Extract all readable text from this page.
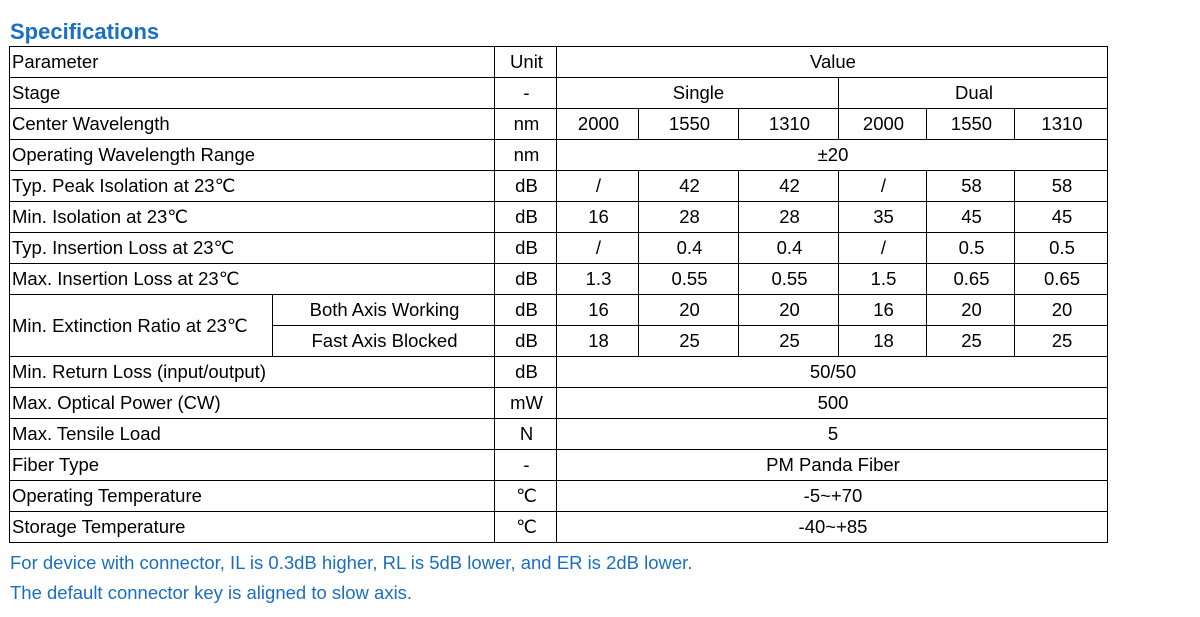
Specifications
Parameter		Unit	Value					
Stage		-	Single			Dual		
Center Wavelength		nm	2000	1550	1310	2000	1550	1310
Operating Wavelength Range		nm	±20					
Typ. Peak Isolation at 23℃		dB	/	42	42	/	58	58
Min. Isolation at 23℃		dB	16	28	28	35	45	45
Typ. Insertion Loss at 23℃		dB	/	0.4	0.4	/	0.5	0.5
Max. Insertion Loss at 23℃		dB	1.3	0.55	0.55	1.5	0.65	0.65
Min. Extinction Ratio at 23℃	Both Axis Working	dB	16	20	20	16	20	20
	Fast Axis Blocked	dB	18	25	25	18	25	25
Min. Return Loss (input/output)		dB	50/50					
Max. Optical Power (CW)		mW	500					
Max. Tensile Load		N	5					
Fiber Type		-	PM Panda Fiber					
Operating Temperature		℃	-5~+70					
Storage Temperature		℃	-40~+85					
For device with connector, IL is 0.3dB higher, RL is 5dB lower, and ER is 2dB lower.
The default connector key is aligned to slow axis.
